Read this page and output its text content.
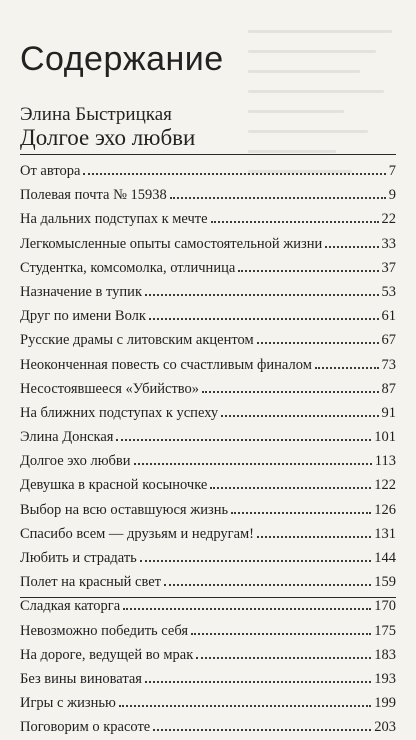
Содержание
Элина Быстрицкая
Долгое эхо любви
От автора	7
Полевая почта № 15938	9
На дальних подступах к мечте	22
Легкомысленные опыты самостоятельной жизни	33
Студентка, комсомолка, отличница	37
Назначение в тупик	53
Друг по имени Волк	61
Русские драмы с литовским акцентом	67
Неоконченная повесть со счастливым финалом	73
Несостоявшееся «Убийство»	87
На ближних подступах к успеху	91
Элина Донская	101
Долгое эхо любви	113
Девушка в красной косыночке	122
Выбор на всю оставшуюся жизнь	126
Спасибо всем — друзьям и недругам!	131
Любить и страдать	144
Полет на красный свет	159
Сладкая каторга	170
Невозможно победить себя	175
На дороге, ведущей во мрак	183
Без вины виноватая	193
Игры с жизнью	199
Поговорим о красоте	203
